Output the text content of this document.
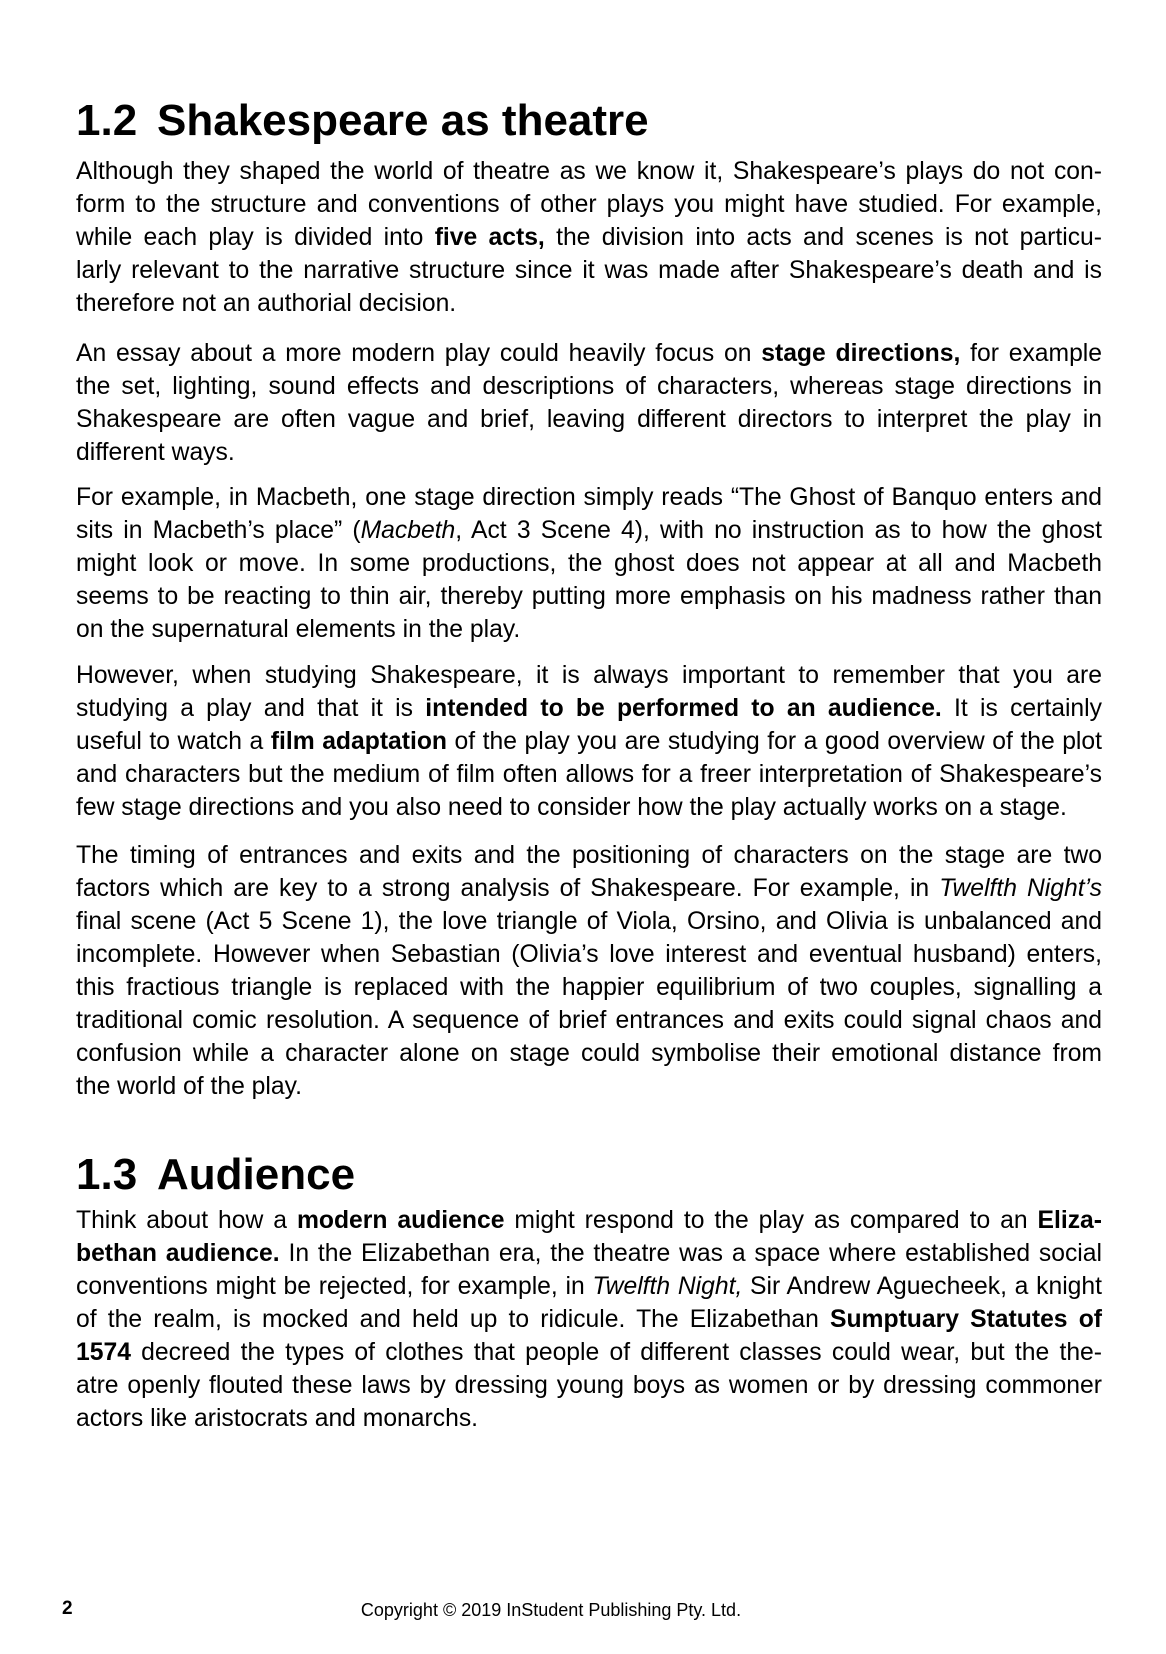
1.2 Shakespeare as theatre
Although they shaped the world of theatre as we know it, Shakespeare’s plays do not con-
form to the structure and conventions of other plays you might have studied. For example,
while each play is divided into five acts, the division into acts and scenes is not particu-
larly relevant to the narrative structure since it was made after Shakespeare’s death and is
therefore not an authorial decision.
An essay about a more modern play could heavily focus on stage directions, for example
the set, lighting, sound effects and descriptions of characters, whereas stage directions in
Shakespeare are often vague and brief, leaving different directors to interpret the play in
different ways.
For example, in Macbeth, one stage direction simply reads “The Ghost of Banquo enters and
sits in Macbeth’s place” (Macbeth, Act 3 Scene 4), with no instruction as to how the ghost
might look or move. In some productions, the ghost does not appear at all and Macbeth
seems to be reacting to thin air, thereby putting more emphasis on his madness rather than
on the supernatural elements in the play.
However, when studying Shakespeare, it is always important to remember that you are
studying a play and that it is intended to be performed to an audience. It is certainly
useful to watch a film adaptation of the play you are studying for a good overview of the plot
and characters but the medium of film often allows for a freer interpretation of Shakespeare’s
few stage directions and you also need to consider how the play actually works on a stage.
The timing of entrances and exits and the positioning of characters on the stage are two
factors which are key to a strong analysis of Shakespeare. For example, in Twelfth Night’s
final scene (Act 5 Scene 1), the love triangle of Viola, Orsino, and Olivia is unbalanced and
incomplete. However when Sebastian (Olivia’s love interest and eventual husband) enters,
this fractious triangle is replaced with the happier equilibrium of two couples, signalling a
traditional comic resolution. A sequence of brief entrances and exits could signal chaos and
confusion while a character alone on stage could symbolise their emotional distance from
the world of the play.
1.3 Audience
Think about how a modern audience might respond to the play as compared to an Eliza-
bethan audience. In the Elizabethan era, the theatre was a space where established social
conventions might be rejected, for example, in Twelfth Night, Sir Andrew Aguecheek, a knight
of the realm, is mocked and held up to ridicule. The Elizabethan Sumptuary Statutes of
1574 decreed the types of clothes that people of different classes could wear, but the the-
atre openly flouted these laws by dressing young boys as women or by dressing commoner
actors like aristocrats and monarchs.
2	Copyright © 2019 InStudent Publishing Pty. Ltd.
